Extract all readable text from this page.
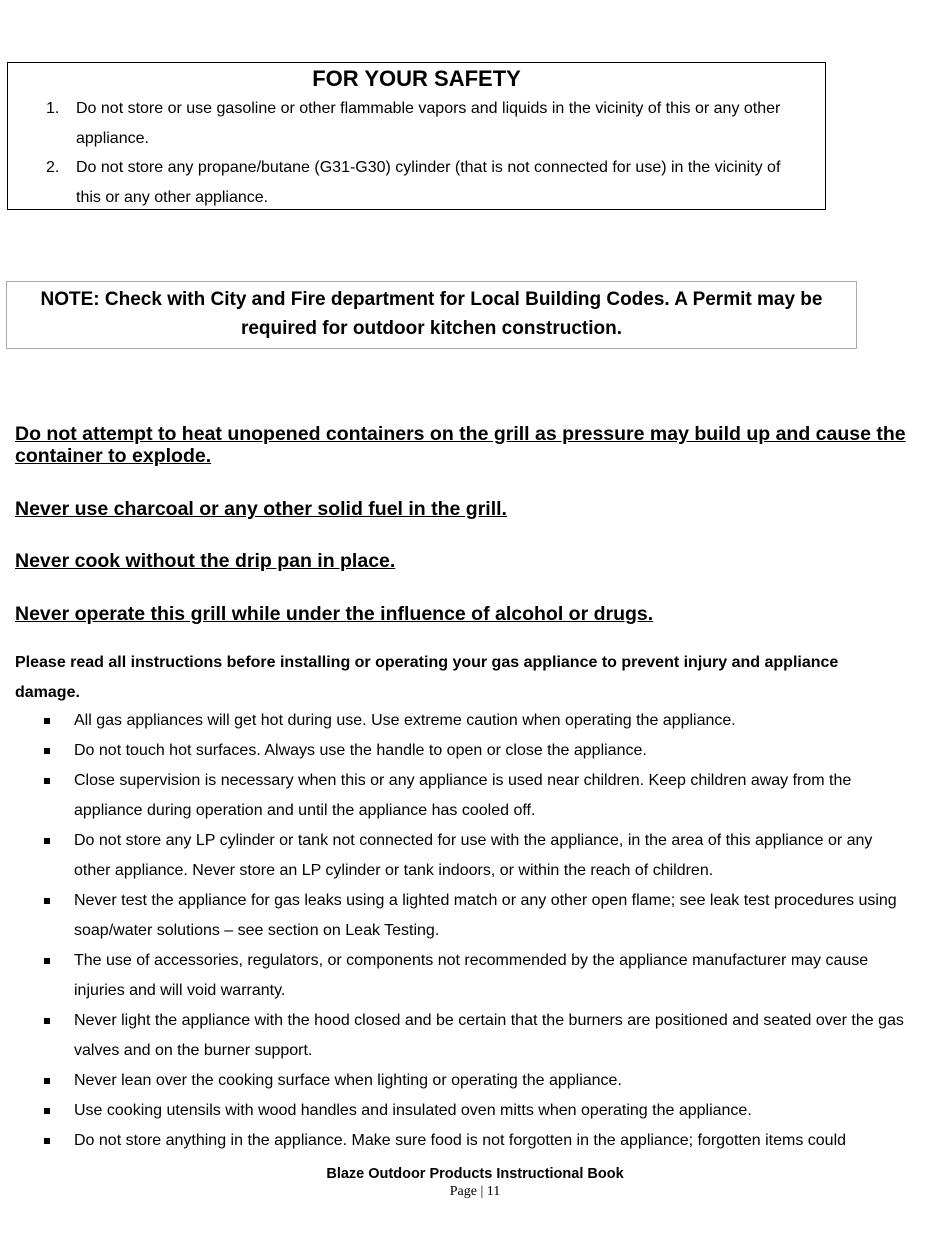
FOR YOUR SAFETY
1. Do not store or use gasoline or other flammable vapors and liquids in the vicinity of this or any other appliance.
2. Do not store any propane/butane (G31-G30) cylinder (that is not connected for use) in the vicinity of this or any other appliance.
NOTE: Check with City and Fire department for Local Building Codes. A Permit may be
required for outdoor kitchen construction.
Do not attempt to heat unopened containers on the grill as pressure may build up and cause the container to explode.
Never use charcoal or any other solid fuel in the grill.
Never cook without the drip pan in place.
Never operate this grill while under the influence of alcohol or drugs.
Please read all instructions before installing or operating your gas appliance to prevent injury and appliance damage.
All gas appliances will get hot during use. Use extreme caution when operating the appliance.
Do not touch hot surfaces. Always use the handle to open or close the appliance.
Close supervision is necessary when this or any appliance is used near children. Keep children away from the appliance during operation and until the appliance has cooled off.
Do not store any LP cylinder or tank not connected for use with the appliance, in the area of this appliance or any other appliance. Never store an LP cylinder or tank indoors, or within the reach of children.
Never test the appliance for gas leaks using a lighted match or any other open flame; see leak test procedures using soap/water solutions – see section on Leak Testing.
The use of accessories, regulators, or components not recommended by the appliance manufacturer may cause injuries and will void warranty.
Never light the appliance with the hood closed and be certain that the burners are positioned and seated over the gas valves and on the burner support.
Never lean over the cooking surface when lighting or operating the appliance.
Use cooking utensils with wood handles and insulated oven mitts when operating the appliance.
Do not store anything in the appliance. Make sure food is not forgotten in the appliance; forgotten items could
Blaze Outdoor Products Instructional Book
Page | 11
